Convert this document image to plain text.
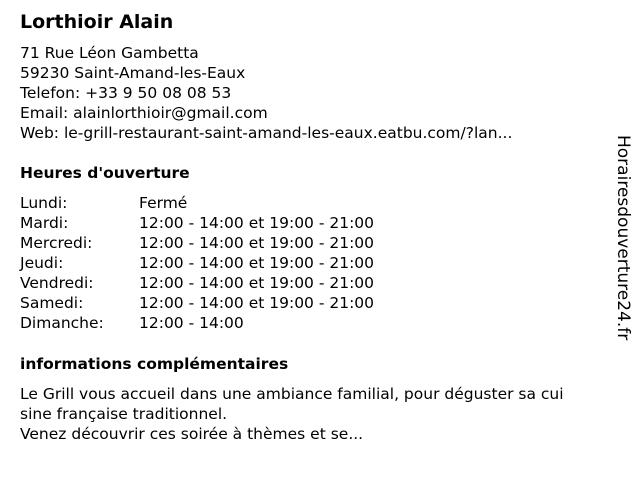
Lorthioir Alain
71 Rue Léon Gambetta
59230 Saint-Amand-les-Eaux
Telefon: +33 9 50 08 08 53
Email: alainlorthioir@gmail.com
Web: le-grill-restaurant-saint-amand-les-eaux.eatbu.com/?lan...
Heures d'ouverture
Lundi:	Fermé
Mardi:	12:00 - 14:00 et 19:00 - 21:00
Mercredi:	12:00 - 14:00 et 19:00 - 21:00
Jeudi:	12:00 - 14:00 et 19:00 - 21:00
Vendredi:	12:00 - 14:00 et 19:00 - 21:00
Samedi:	12:00 - 14:00 et 19:00 - 21:00
Dimanche: 12:00 - 14:00
informations complémentaires
Le Grill vous accueil dans une ambiance familial, pour déguster sa cui
sine française traditionnel.
Venez découvrir ces soirée à thèmes et se...
Horairesdouverture24.fr
